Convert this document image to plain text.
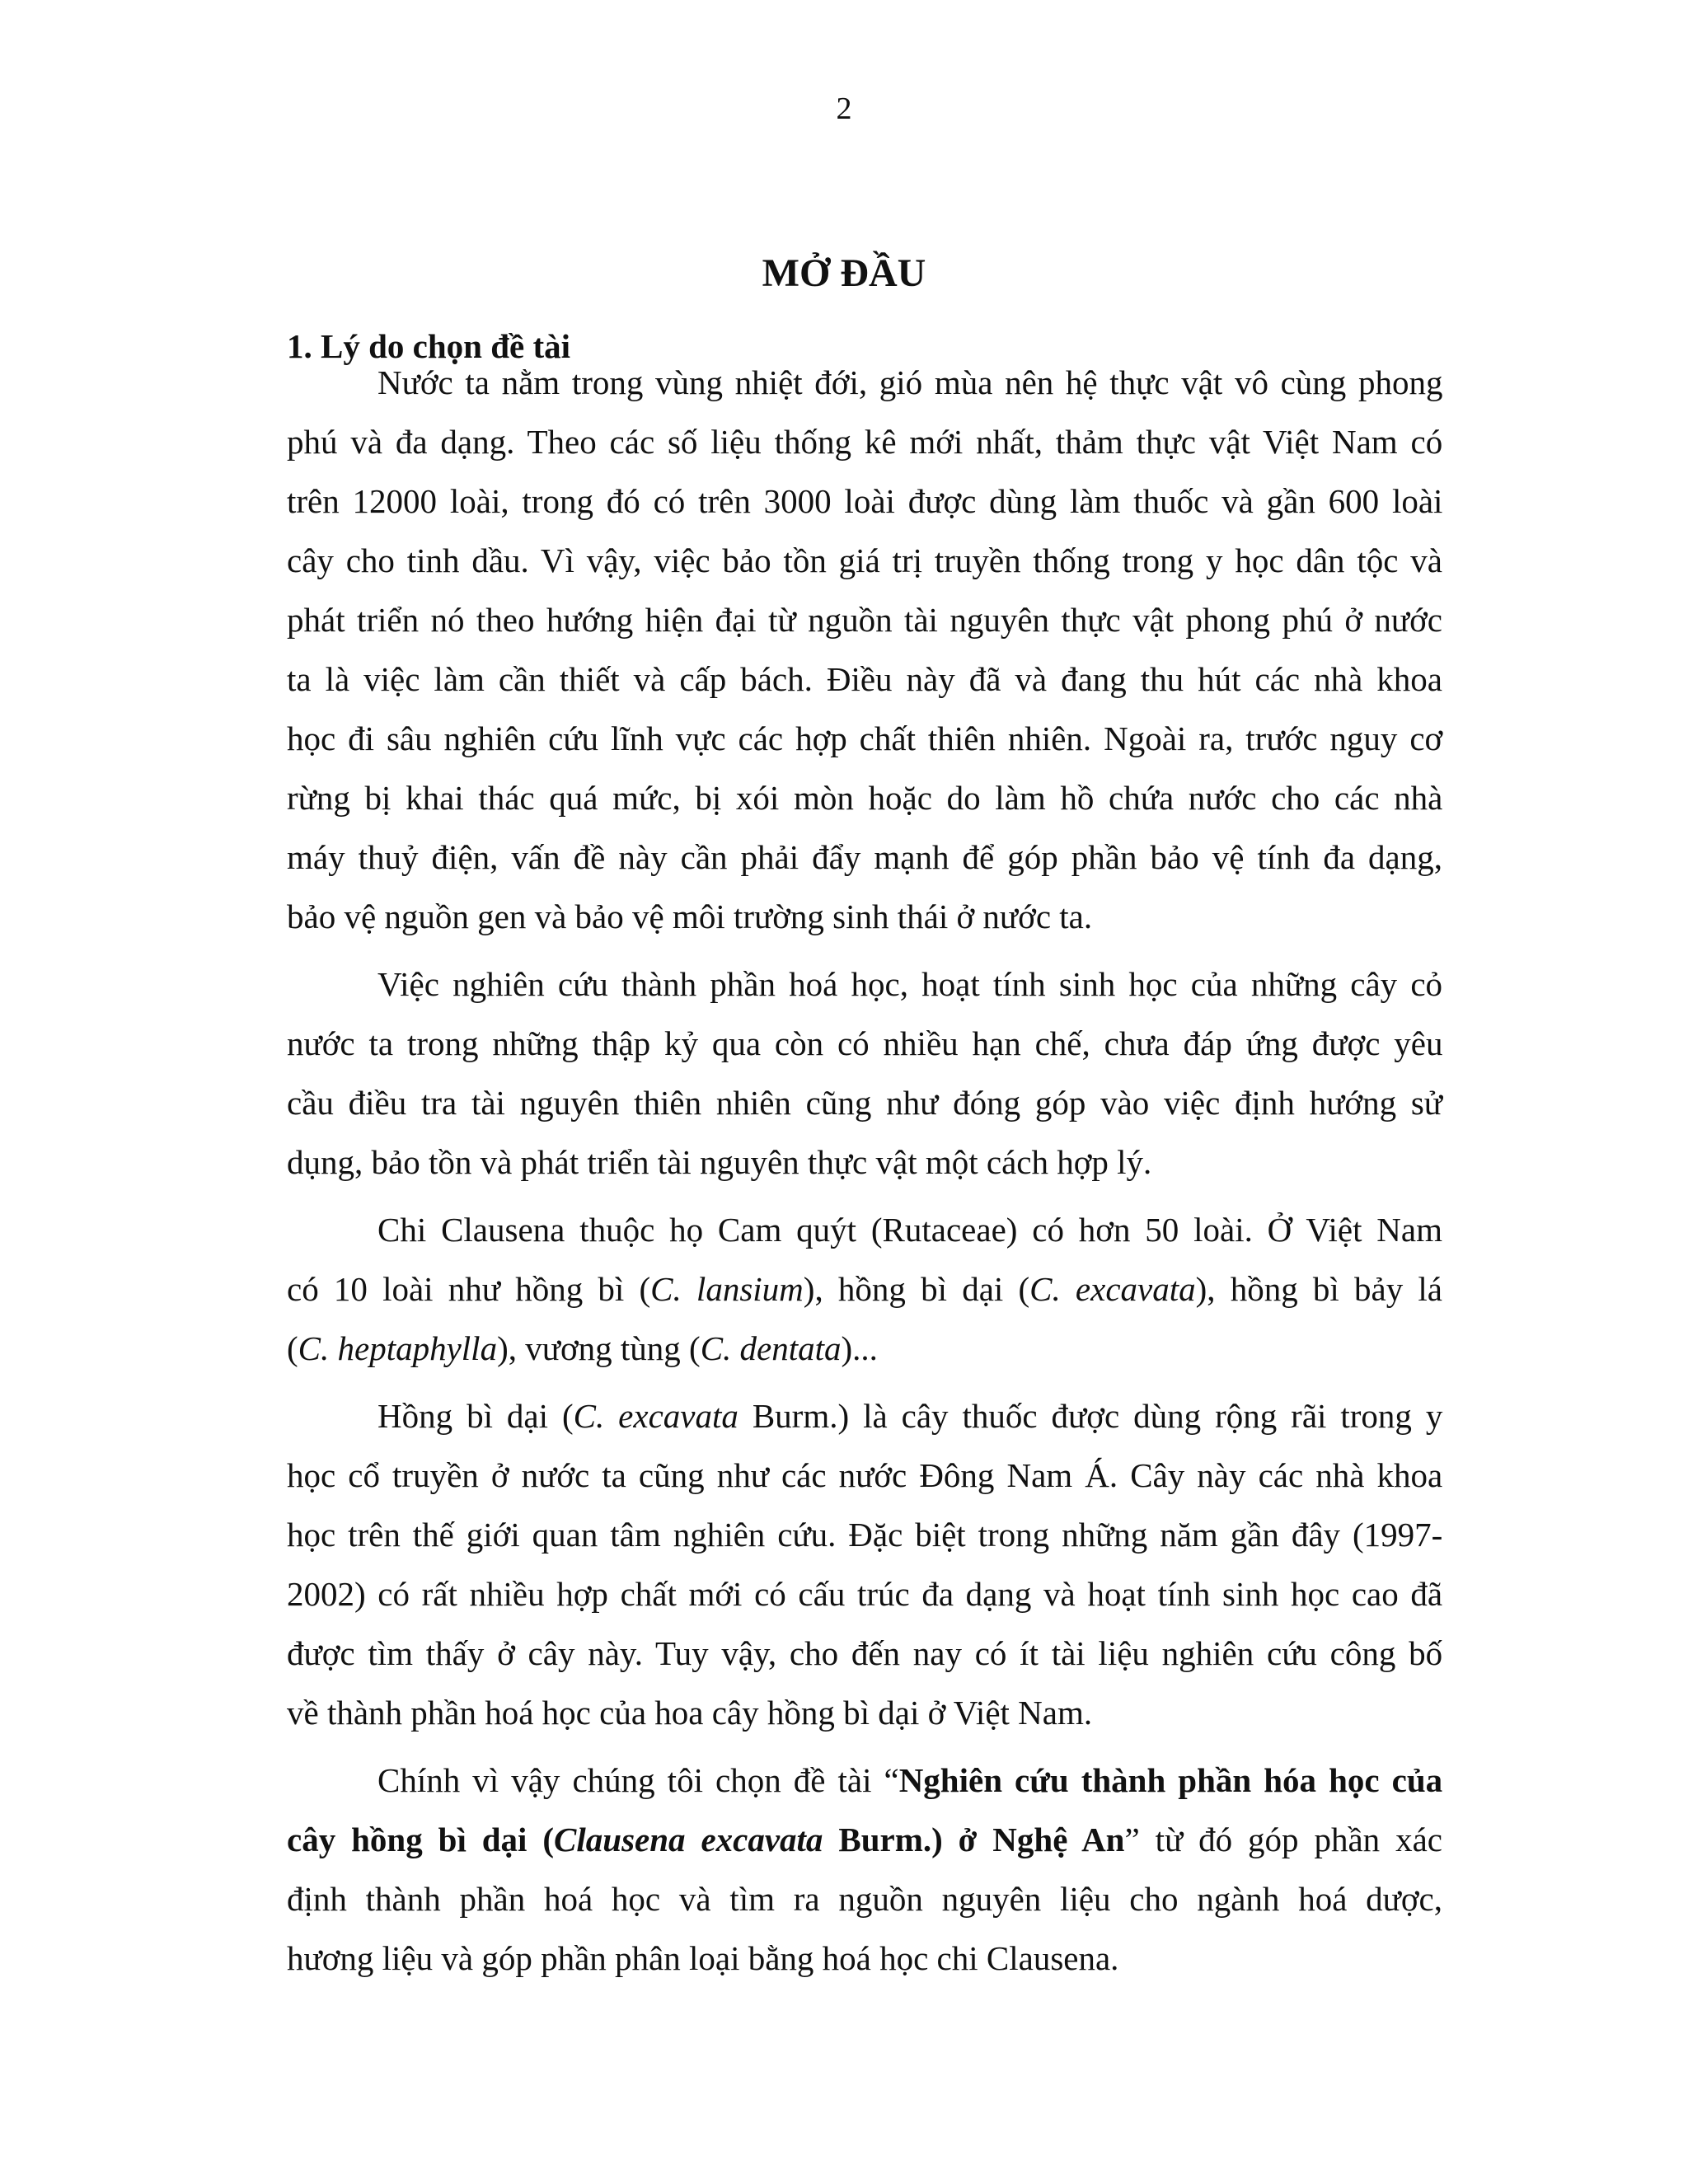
2
MỞ ĐẦU
1. Lý do chọn đề tài
Nước ta nằm trong vùng nhiệt đới, gió mùa nên hệ thực vật vô cùng phong
phú và đa dạng. Theo các số liệu thống kê mới nhất, thảm thực vật Việt Nam có
trên 12000 loài, trong đó có trên 3000 loài được dùng làm thuốc và gần 600 loài
cây cho tinh dầu. Vì vậy, việc bảo tồn giá trị truyền thống trong y học dân tộc và
phát triển nó theo hướng hiện đại từ nguồn tài nguyên thực vật phong phú ở nước
ta là việc làm cần thiết và cấp bách. Điều này đã và đang thu hút các nhà khoa
học đi sâu nghiên cứu lĩnh vực các hợp chất thiên nhiên. Ngoài ra, trước nguy cơ
rừng bị khai thác quá mức, bị xói mòn hoặc do làm hồ chứa nước cho các nhà
máy thuỷ điện, vấn đề này cần phải đẩy mạnh để góp phần bảo vệ tính đa dạng,
bảo vệ nguồn gen và bảo vệ môi trường sinh thái ở nước ta.
Việc nghiên cứu thành phần hoá học, hoạt tính sinh học của những cây cỏ
nước ta trong những thập kỷ qua còn có nhiều hạn chế, chưa đáp ứng được yêu
cầu điều tra tài nguyên thiên nhiên cũng như đóng góp vào việc định hướng sử
dụng, bảo tồn và phát triển tài nguyên thực vật một cách hợp lý.
Chi Clausena thuộc họ Cam quýt (Rutaceae) có hơn 50 loài. Ở Việt Nam
có 10 loài như hồng bì (C. lansium), hồng bì dại (C. excavata), hồng bì bảy lá
(C. heptaphylla), vương tùng (C. dentata)...
Hồng bì dại (C. excavata Burm.) là cây thuốc được dùng rộng rãi trong y
học cổ truyền ở nước ta cũng như các nước Đông Nam Á. Cây này các nhà khoa
học trên thế giới quan tâm nghiên cứu. Đặc biệt trong những năm gần đây (1997-
2002) có rất nhiều hợp chất mới có cấu trúc đa dạng và hoạt tính sinh học cao đã
được tìm thấy ở cây này. Tuy vậy, cho đến nay có ít tài liệu nghiên cứu công bố
về thành phần hoá học của hoa cây hồng bì dại ở Việt Nam.
Chính vì vậy chúng tôi chọn đề tài “Nghiên cứu thành phần hóa học của
cây hồng bì dại (Clausena excavata Burm.) ở Nghệ An” từ đó góp phần xác
định thành phần hoá học và tìm ra nguồn nguyên liệu cho ngành hoá dược,
hương liệu và góp phần phân loại bằng hoá học chi Clausena.
